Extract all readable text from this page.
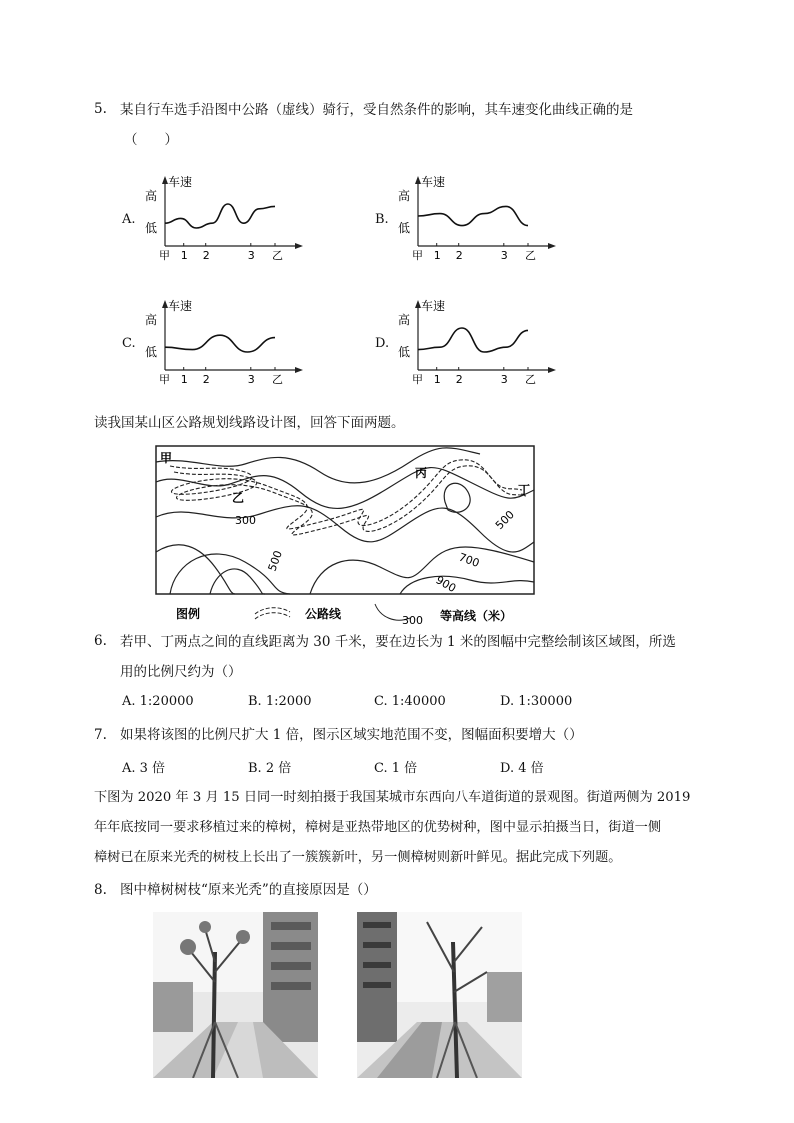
5. 某自行车选手沿图中公路（虚线）骑行，受自然条件的影响，其车速变化曲线正确的是
（　　）
A.
车速
高
低
甲 1 2	3 乙
B.
车速
高
低
甲 1 2	3 乙
C.
车速
高
低
甲 1 2	3 乙
D.
车速
高
低
甲 1 2	3 乙
读我国某山区公路规划线路设计图，回答下面两题。
甲
乙
丙
丁
300
500
500
700
900
图例	公路线	300 等高线（米）
6. 若甲、丁两点之间的直线距离为 30 千米，要在边长为 1 米的图幅中完整绘制该区域图，所选
用的比例尺约为（）
A. 1:20000	B. 1:2000	C. 1:40000	D. 1:30000
7. 如果将该图的比例尺扩大 1 倍，图示区域实地范围不变，图幅面积要增大（）
A. 3 倍	B. 2 倍	C. 1 倍	D. 4 倍
下图为 2020 年 3 月 15 日同一时刻拍摄于我国某城市东西向八车道街道的景观图。街道两侧为 2019
年年底按同一要求移植过来的樟树，樟树是亚热带地区的优势树种，图中显示拍摄当日，街道一侧
樟树已在原来光秃的树枝上长出了一簇簇新叶，另一侧樟树则新叶鲜见。据此完成下列题。
8. 图中樟树树枝“原来光秃”的直接原因是（）
